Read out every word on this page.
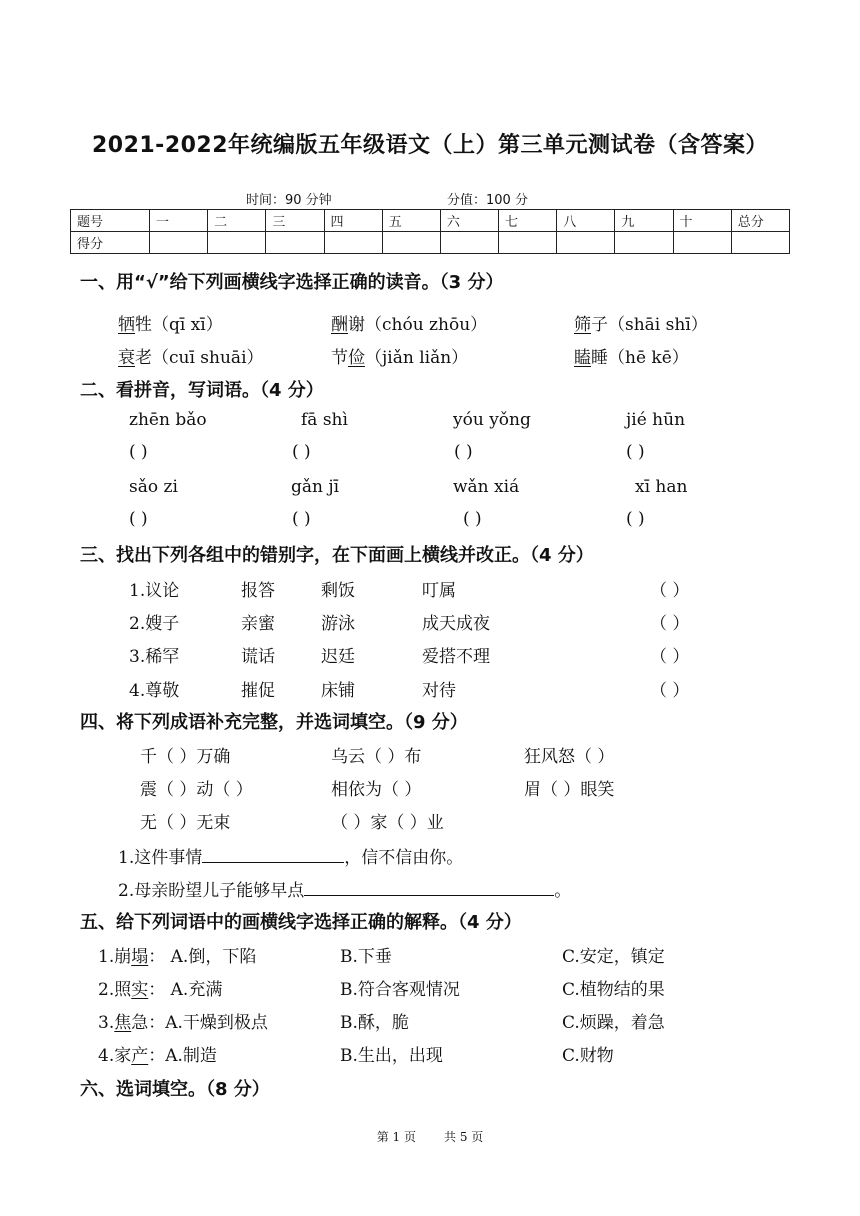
2021-2022年统编版五年级语文（上）第三单元测试卷（含答案）
时间：90 分钟	分值：100 分
题号	一	二	三	四	五	六	七	八	九	十	总分
得分											
一、用“√”给下列画横线字选择正确的读音。（3 分）
牺牲（qī xī）	酬谢（chóu zhōu）	筛子（shāi shī）
衰老（cuī shuāi）	节俭（jiǎn liǎn）	瞌睡（hē kē）
二、看拼音，写词语。（4 分）
zhēn bǎo	fā shì	yóu yǒng	jié hūn
( )	( )	( )	( )
sǎo zi	gǎn jī	wǎn xiá	xī han
( )	( )	( )	( )
三、找出下列各组中的错别字，在下面画上横线并改正。（4 分）
1.议论	报答	剩饭	叮属	（ ）
2.嫂子	亲蜜	游泳	成天成夜	（ ）
3.稀罕	谎话	迟廷	爱搭不理	（ ）
4.尊敬	摧促	床铺	对待	（ ）
四、将下列成语补充完整，并选词填空。（9 分）
千（ ）万确	乌云（ ）布	狂风怒（ ）
震（ ）动（ ）	相依为（ ）	眉（ ）眼笑
无（ ）无束	（ ）家（ ）业
1.这件事情	，信不信由你。
2.母亲盼望儿子能够早点	。
五、给下列词语中的画横线字选择正确的解释。（4 分）
1.崩塌： A.倒，下陷	B.下垂	C.安定，镇定
2.照实： A.充满	B.符合客观情况	C.植物结的果
3.焦急：A.干燥到极点	B.酥，脆	C.烦躁，着急
4.家产：A.制造	B.生出，出现	C.财物
六、选词填空。（8 分）
第 1 页 共 5 页
